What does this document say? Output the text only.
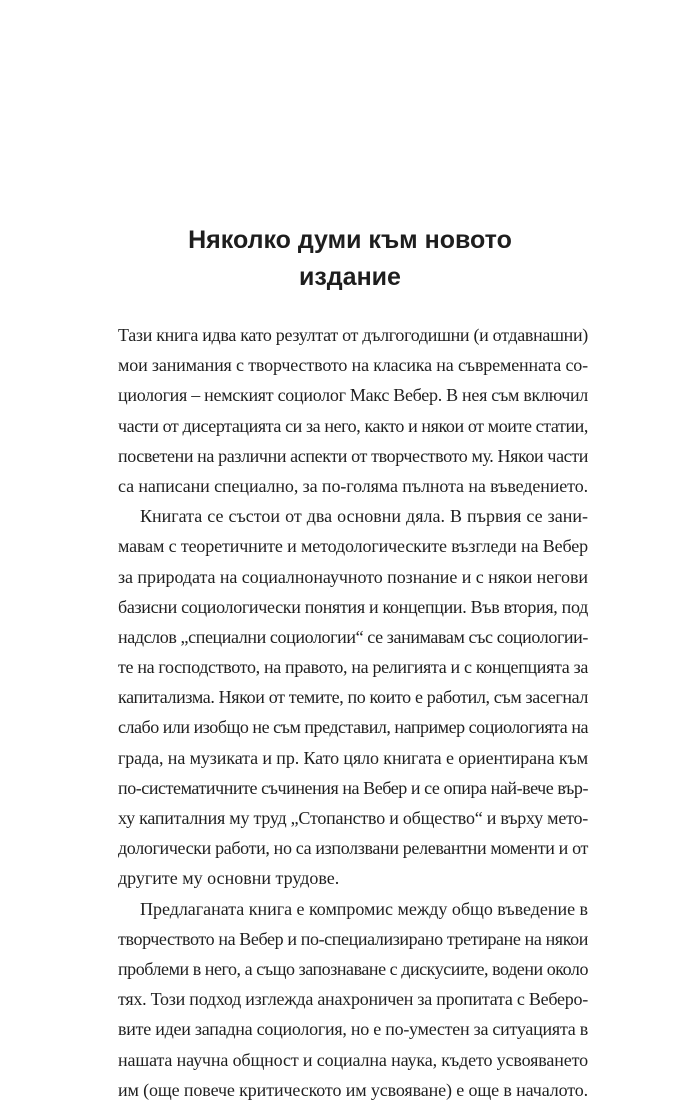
Няколко думи към новото
издание
Тази книга идва като резултат от дългогодишни (и отдавнашни)
мои занимания с творчеството на класика на съвременната со-
циология – немският социолог Макс Вебер. В нея съм включил
части от дисертацията си за него, както и някои от моите статии,
посветени на различни аспекти от творчеството му. Някои части
са написани специално, за по-голяма пълнота на въведението.
Книгата се състои от два основни дяла. В първия се зани-
мавам с теоретичните и методологическите възгледи на Вебер
за природата на социалнонаучното познание и с някои негови
базисни социологически понятия и концепции. Във втория, под
надслов „специални социологии“ се занимавам със социологии-
те на господството, на правото, на религията и с концепцията за
капитализма. Някои от темите, по които е работил, съм засегнал
слабо или изобщо не съм представил, например социологията на
града, на музиката и пр. Като цяло книгата е ориентирана към
по-систематичните съчинения на Вебер и се опира най-вече вър-
ху капиталния му труд „Стопанство и общество“ и върху мето-
дологически работи, но са използвани релевантни моменти и от
другите му основни трудове.
Предлаганата книга е компромис между общо въведение в
творчеството на Вебер и по-специализирано третиране на някои
проблеми в него, а също запознаване с дискусиите, водени около
тях. Този подход изглежда анахроничен за пропитата с Веберо-
вите идеи западна социология, но е по-уместен за ситуацията в
нашата научна общност и социална наука, където усвояването
им (още повече критическото им усвояване) е още в началото.
